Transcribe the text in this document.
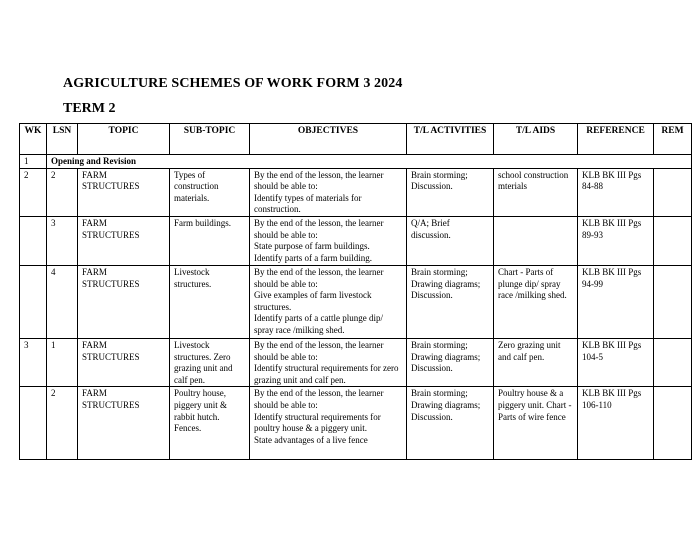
AGRICULTURE SCHEMES OF WORK FORM 3 2024
TERM 2
WK	LSN	TOPIC	SUB-TOPIC	OBJECTIVES	T/L ACTIVITIES	T/L AIDS	REFERENCE	REM
1	Opening and Revision							
2	2	FARM STRUCTURES	Types of construction materials.	By the end of the lesson, the learner should be able to:
Identify types of materials for construction.	Brain storming; Discussion.	school construction mterials	KLB BK III Pgs 84-88	
	3	FARM STRUCTURES	Farm buildings.	By the end of the lesson, the learner should be able to:
State purpose of farm buildings.
Identify parts of a farm building.	Q/A; Brief discussion.		KLB BK III Pgs 89-93	
	4	FARM STRUCTURES	Livestock structures.	By the end of the lesson, the learner should be able to:
Give examples of farm livestock structures.
Identify parts of a cattle plunge dip/ spray race /milking shed.	Brain storming; Drawing diagrams; Discussion.	Chart - Parts of plunge dip/ spray race /milking shed.	KLB BK III Pgs 94-99	
3	1	FARM STRUCTURES	Livestock structures. Zero grazing unit and calf pen.	By the end of the lesson, the learner should be able to:
Identify structural requirements for zero grazing unit and calf pen.	Brain storming; Drawing diagrams; Discussion.	Zero grazing unit and calf pen.	KLB BK III Pgs 104-5	
	2	FARM STRUCTURES	Poultry house, piggery unit & rabbit hutch. Fences.	By the end of the lesson, the learner should be able to:
Identify structural requirements for poultry house & a piggery unit.
State advantages of a live fence	Brain storming; Drawing diagrams; Discussion.	Poultry house & a piggery unit. Chart - Parts of wire fence	KLB BK III Pgs 106-110	
